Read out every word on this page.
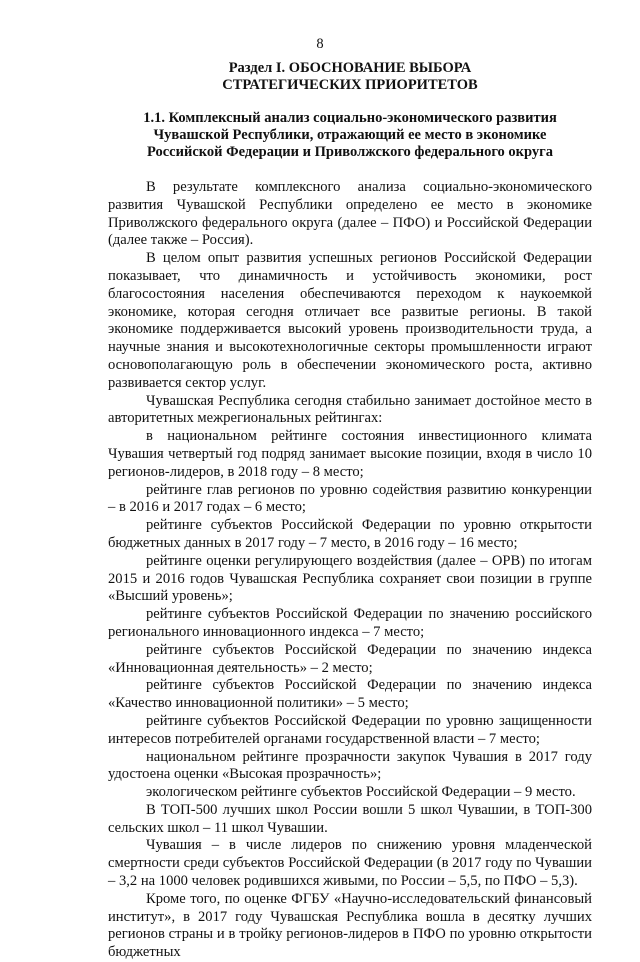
8
Раздел I. ОБОСНОВАНИЕ ВЫБОРА
СТРАТЕГИЧЕСКИХ ПРИОРИТЕТОВ
1.1. Комплексный анализ социально-экономического развития
Чувашской Республики, отражающий ее место в экономике
Российской Федерации и Приволжского федерального округа

В результате комплексного анализа социально-экономического развития Чувашской Республики определено ее место в экономике Приволжского федерального округа (далее – ПФО) и Российской Федерации (далее также – Россия).

В целом опыт развития успешных регионов Российской Федерации показывает, что динамичность и устойчивость экономики, рост благосостояния населения обеспечиваются переходом к наукоемкой экономике, которая сегодня отличает все развитые регионы. В такой экономике поддерживается высокий уровень производительности труда, а научные знания и высокотехнологичные секторы промышленности играют основополагающую роль в обеспечении экономического роста, активно развивается сектор услуг.

Чувашская Республика сегодня стабильно занимает достойное место в авторитетных межрегиональных рейтингах:

в национальном рейтинге состояния инвестиционного климата Чувашия четвертый год подряд занимает высокие позиции, входя в число 10 регионов-лидеров, в 2018 году – 8 место;

рейтинге глав регионов по уровню содействия развитию конкуренции – в 2016 и 2017 годах – 6 место;

рейтинге субъектов Российской Федерации по уровню открытости бюджетных данных в 2017 году – 7 место, в 2016 году – 16 место;

рейтинге оценки регулирующего воздействия (далее – ОРВ) по итогам 2015 и 2016 годов Чувашская Республика сохраняет свои позиции в группе «Высший уровень»;

рейтинге субъектов Российской Федерации по значению российского регионального инновационного индекса – 7 место;

рейтинге субъектов Российской Федерации по значению индекса «Инновационная деятельность» – 2 место;

рейтинге субъектов Российской Федерации по значению индекса «Качество инновационной политики» – 5 место;

рейтинге субъектов Российской Федерации по уровню защищенности интересов потребителей органами государственной власти – 7 место;

национальном рейтинге прозрачности закупок Чувашия в 2017 году удостоена оценки «Высокая прозрачность»;

экологическом рейтинге субъектов Российской Федерации – 9 место.

В ТОП-500 лучших школ России вошли 5 школ Чувашии, в ТОП-300 сельских школ – 11 школ Чувашии.

Чувашия – в числе лидеров по снижению уровня младенческой смертности среди субъектов Российской Федерации (в 2017 году по Чувашии – 3,2 на 1000 человек родившихся живыми, по России – 5,5, по ПФО – 5,3).

Кроме того, по оценке ФГБУ «Научно-исследовательский финансовый институт», в 2017 году Чувашская Республика вошла в десятку лучших регионов страны и в тройку регионов-лидеров в ПФО по уровню открытости бюджетных
